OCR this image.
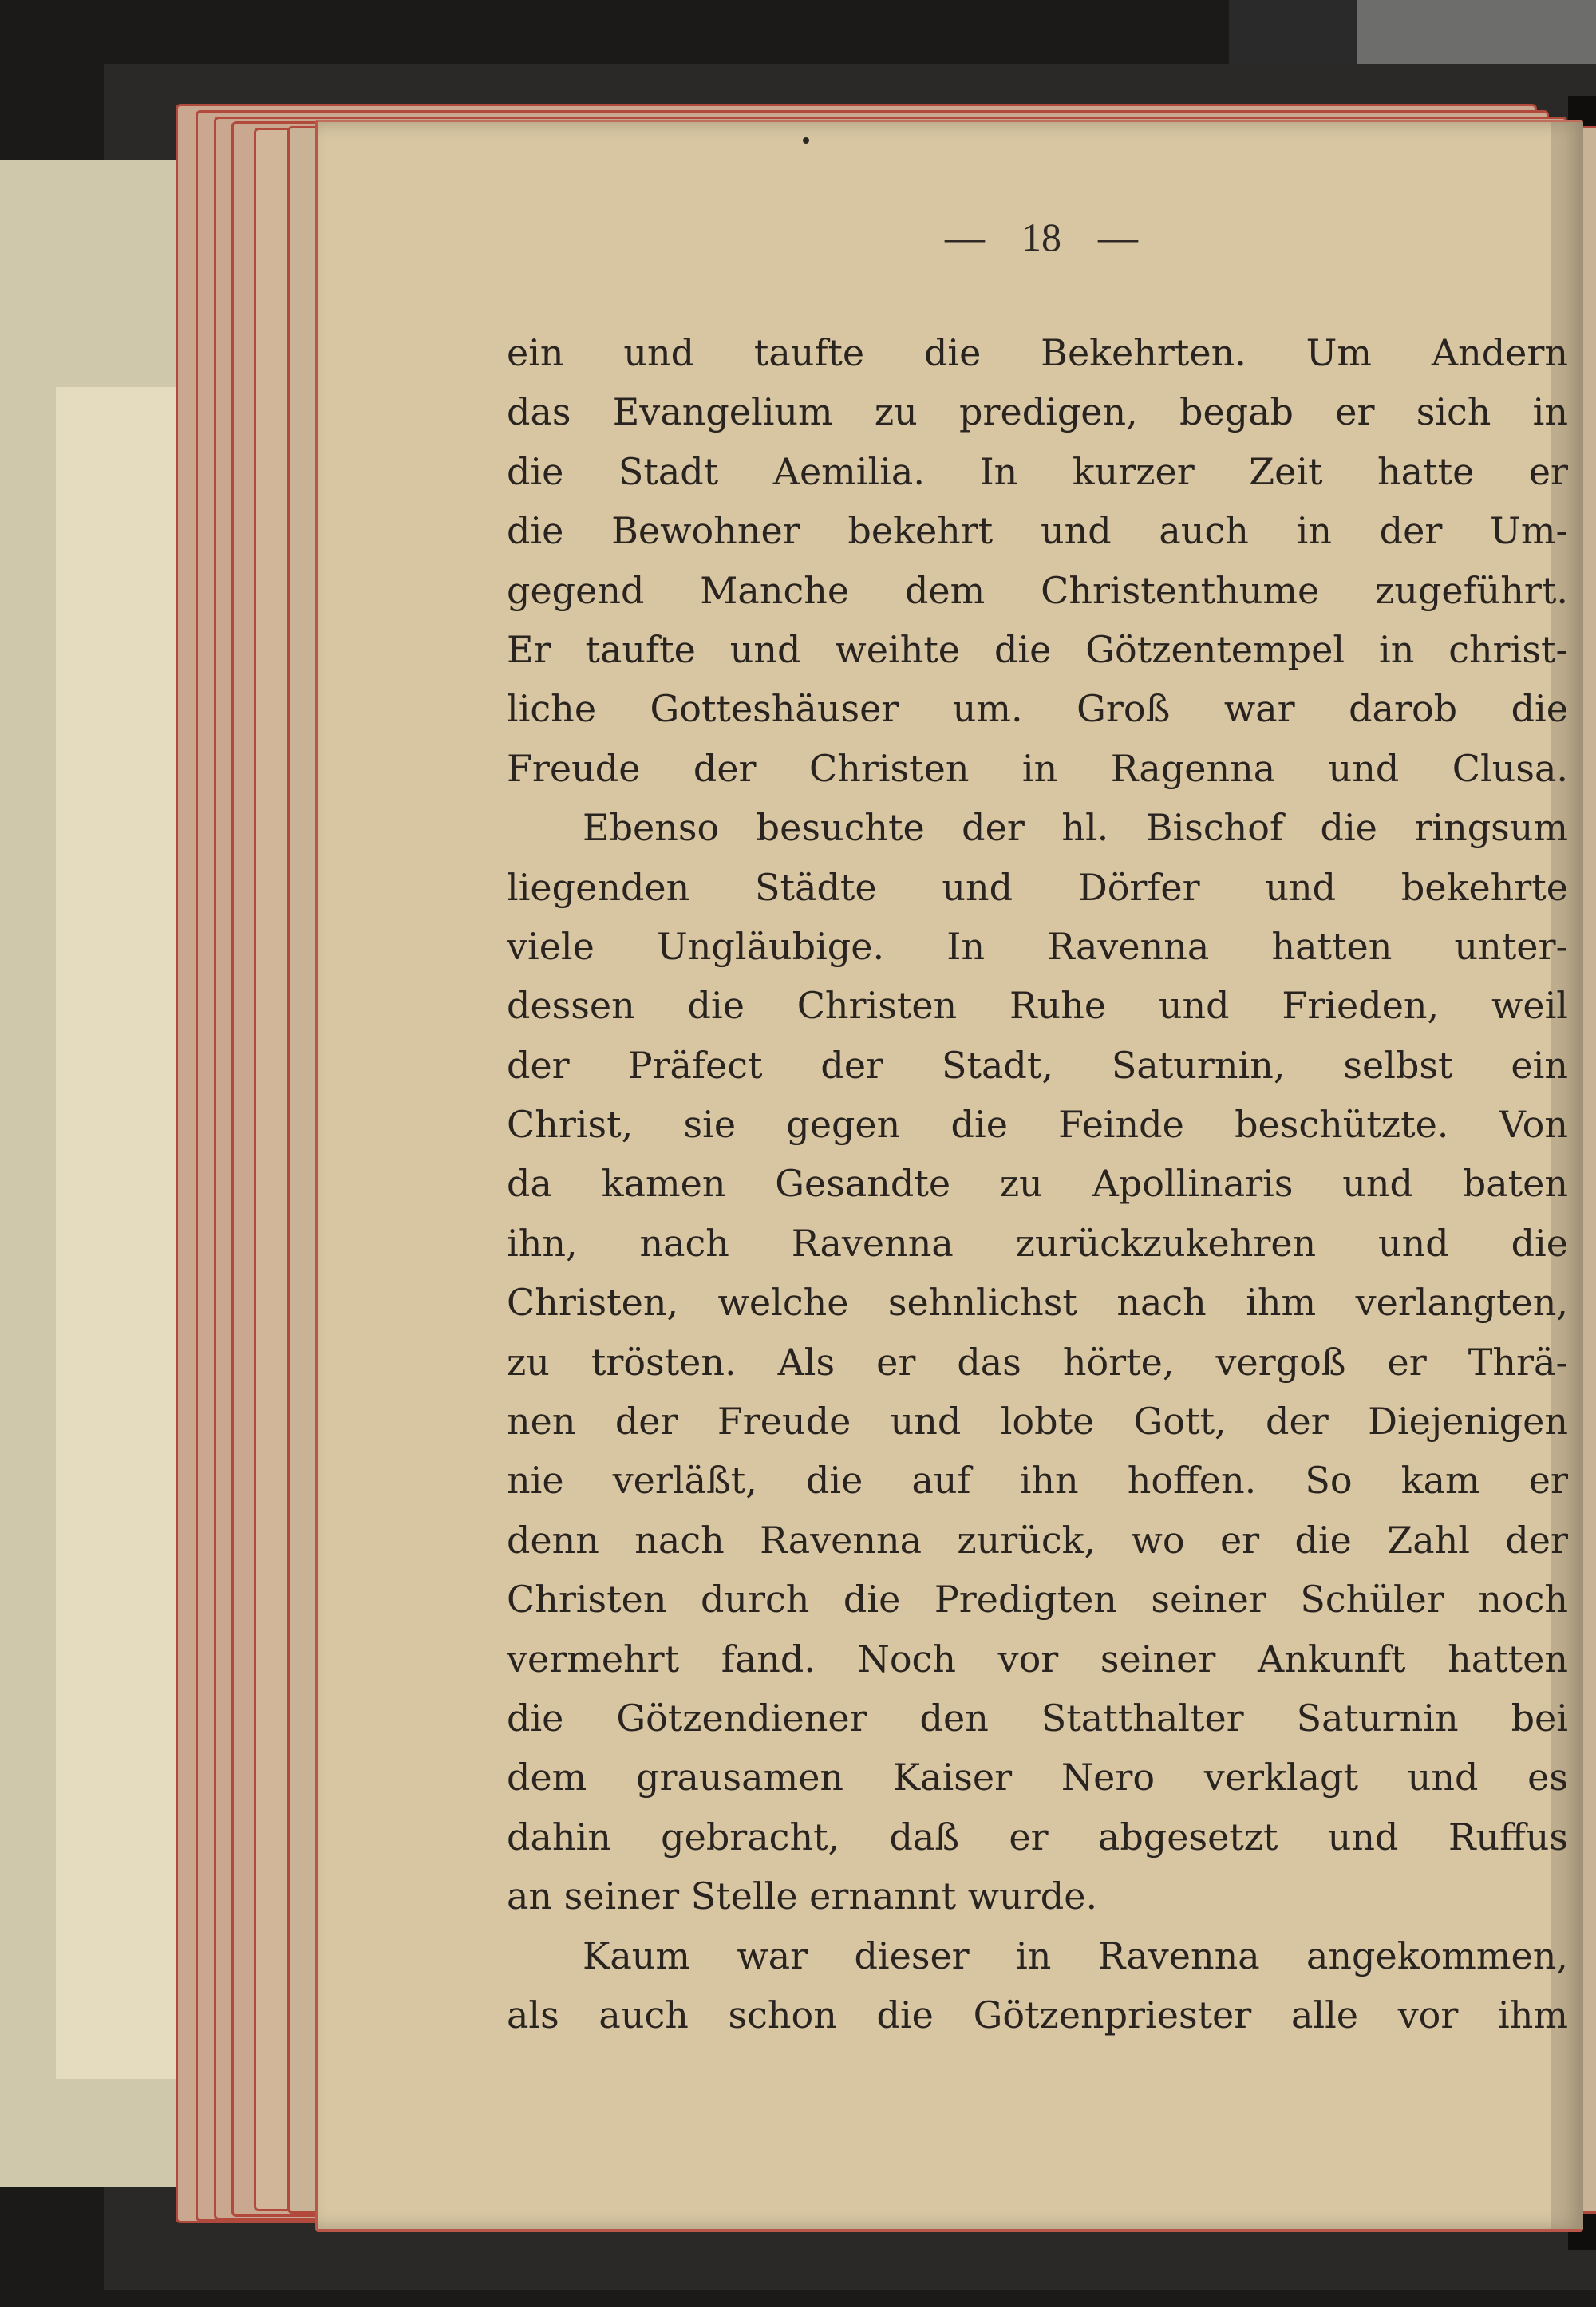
— 18 —
ein und taufte die Bekehrten. Um Andern
das Evangelium zu predigen, begab er sich in
die Stadt Aemilia. In kurzer Zeit hatte er
die Bewohner bekehrt und auch in der Um-
gegend Manche dem Christenthume zugeführt.
Er taufte und weihte die Götzentempel in christ-
liche Gotteshäuser um. Groß war darob die
Freude der Christen in Ragenna und Clusa.
Ebenso besuchte der hl. Bischof die ringsum
liegenden Städte und Dörfer und bekehrte
viele Ungläubige. In Ravenna hatten unter-
dessen die Christen Ruhe und Frieden, weil
der Präfect der Stadt, Saturnin, selbst ein
Christ, sie gegen die Feinde beschützte. Von
da kamen Gesandte zu Apollinaris und baten
ihn, nach Ravenna zurückzukehren und die
Christen, welche sehnlichst nach ihm verlangten,
zu trösten. Als er das hörte, vergoß er Thrä-
nen der Freude und lobte Gott, der Diejenigen
nie verläßt, die auf ihn hoffen. So kam er
denn nach Ravenna zurück, wo er die Zahl der
Christen durch die Predigten seiner Schüler noch
vermehrt fand. Noch vor seiner Ankunft hatten
die Götzendiener den Statthalter Saturnin bei
dem grausamen Kaiser Nero verklagt und es
dahin gebracht, daß er abgesetzt und Ruffus
an seiner Stelle ernannt wurde.
Kaum war dieser in Ravenna angekommen,
als auch schon die Götzenpriester alle vor ihm
